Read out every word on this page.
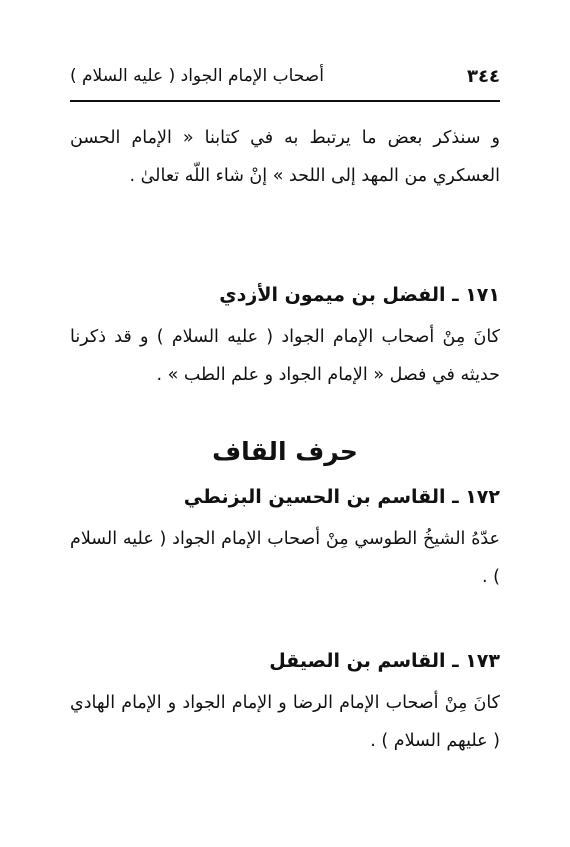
أصحاب الإمام الجواد ( عليه السلام )	٣٤٤

و سنذكر بعض ما يرتبط به في كتابنا « الإمام الحسن العسكري من المهد إلى اللحد » إنْ شاء اللّه تعالىٰ .

١٧١ ـ الفضل بن ميمون الأزدي

كانَ مِنْ أصحاب الإمام الجواد ( عليه السلام ) و قد ذكرنا حديثه في فصل « الإمام الجواد و علم الطب » .

حرف القاف
١٧٢ ـ القاسم بن الحسين البزنطي

عدّهُ الشيخُ الطوسي مِنْ أصحاب الإمام الجواد ( عليه السلام ) .

١٧٣ ـ القاسم بن الصيقل

كانَ مِنْ أصحاب الإمام الرضا و الإمام الجواد و الإمام الهادي ( عليهم السلام ) .
